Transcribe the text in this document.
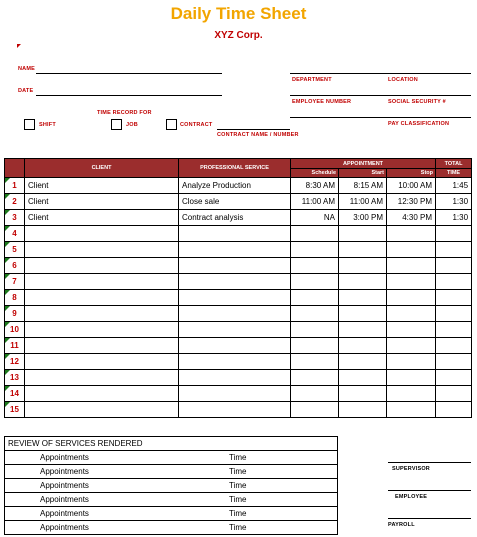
Daily Time Sheet
XYZ Corp.
NAME
DATE
TIME RECORD FOR
SHIFT	JOB	CONTRACT
CONTRACT NAME / NUMBER
DEPARTMENT	LOCATION
EMPLOYEE NUMBER	SOCIAL SECURITY #
PAY CLASSIFICATION
	CLIENT	PROFESSIONAL SERVICE	APPOINTMENT			TOTAL
			Schedule	Start	Stop	TIME

1	Client	Analyze Production	8:30 AM	8:15 AM	10:00 AM	1:45

2	Client	Close sale	11:00 AM	11:00 AM	12:30 PM	1:30

3	Client	Contract analysis	NA	3:00 PM	4:30 PM	1:30

4						

5						

6						

7						

8						

9						

10						

11						

12						

13						

14						

15						
REVIEW OF SERVICES RENDERED

Appointments	Time

Appointments	Time

Appointments	Time

Appointments	Time

Appointments	Time

Appointments	Time
SUPERVISOR
EMPLOYEE
PAYROLL
